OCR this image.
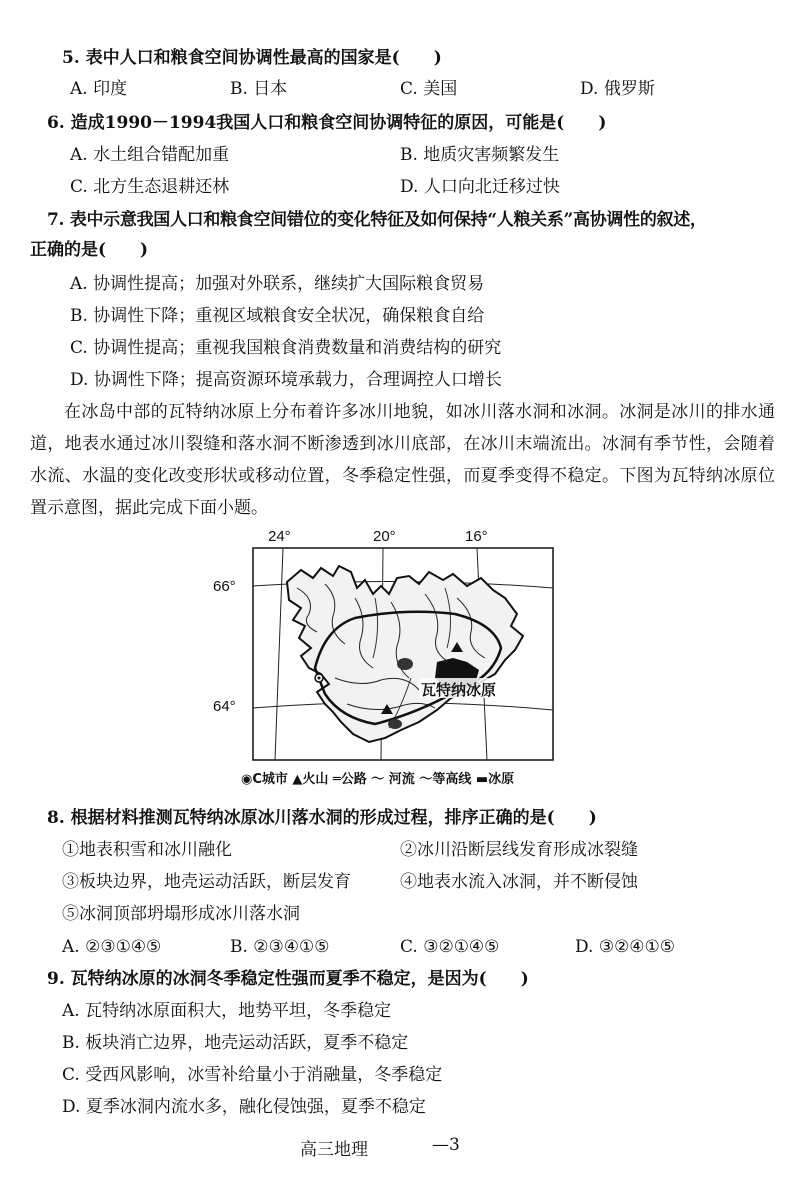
5. 表中人口和粮食空间协调性最高的国家是(　　)
A. 印度	B. 日本	C. 美国	D. 俄罗斯
6. 造成1990－1994我国人口和粮食空间协调特征的原因，可能是(　　)
A. 水土组合错配加重	B. 地质灾害频繁发生
C. 北方生态退耕还林	D. 人口向北迁移过快
7. 表中示意我国人口和粮食空间错位的变化特征及如何保持“人粮关系”高协调性的叙述，
正确的是(　　)
A. 协调性提高；加强对外联系，继续扩大国际粮食贸易
B. 协调性下降；重视区域粮食安全状况，确保粮食自给
C. 协调性提高；重视我国粮食消费数量和消费结构的研究
D. 协调性下降；提高资源环境承载力，合理调控人口增长
在冰岛中部的瓦特纳冰原上分布着许多冰川地貌，如冰川落水洞和冰洞。冰洞是冰川的排水通道，地表水通过冰川裂缝和落水洞不断渗透到冰川底部，在冰川末端流出。冰洞有季节性，会随着水流、水温的变化改变形状或移动位置，冬季稳定性强，而夏季变得不稳定。下图为瓦特纳冰原位置示意图，据此完成下面小题。
24°	20°	16°
66°
64°
瓦特纳冰原
◉C城市 ▲火山 ═公路 ～ 河流 ～等高线 ▬冰原
8. 根据材料推测瓦特纳冰原冰川落水洞的形成过程，排序正确的是(　　)
①地表积雪和冰川融化	②冰川沿断层线发育形成冰裂缝
③板块边界，地壳运动活跃，断层发育	④地表水流入冰洞，并不断侵蚀
⑤冰洞顶部坍塌形成冰川落水洞
A. ②③①④⑤	B. ②③④①⑤	C. ③②①④⑤	D. ③②④①⑤
9. 瓦特纳冰原的冰洞冬季稳定性强而夏季不稳定，是因为(　　)
A. 瓦特纳冰原面积大，地势平坦，冬季稳定
B. 板块消亡边界，地壳运动活跃，夏季不稳定
C. 受西风影响，冰雪补给量小于消融量，冬季稳定
D. 夏季冰洞内流水多，融化侵蚀强，夏季不稳定
高三地理	—3
